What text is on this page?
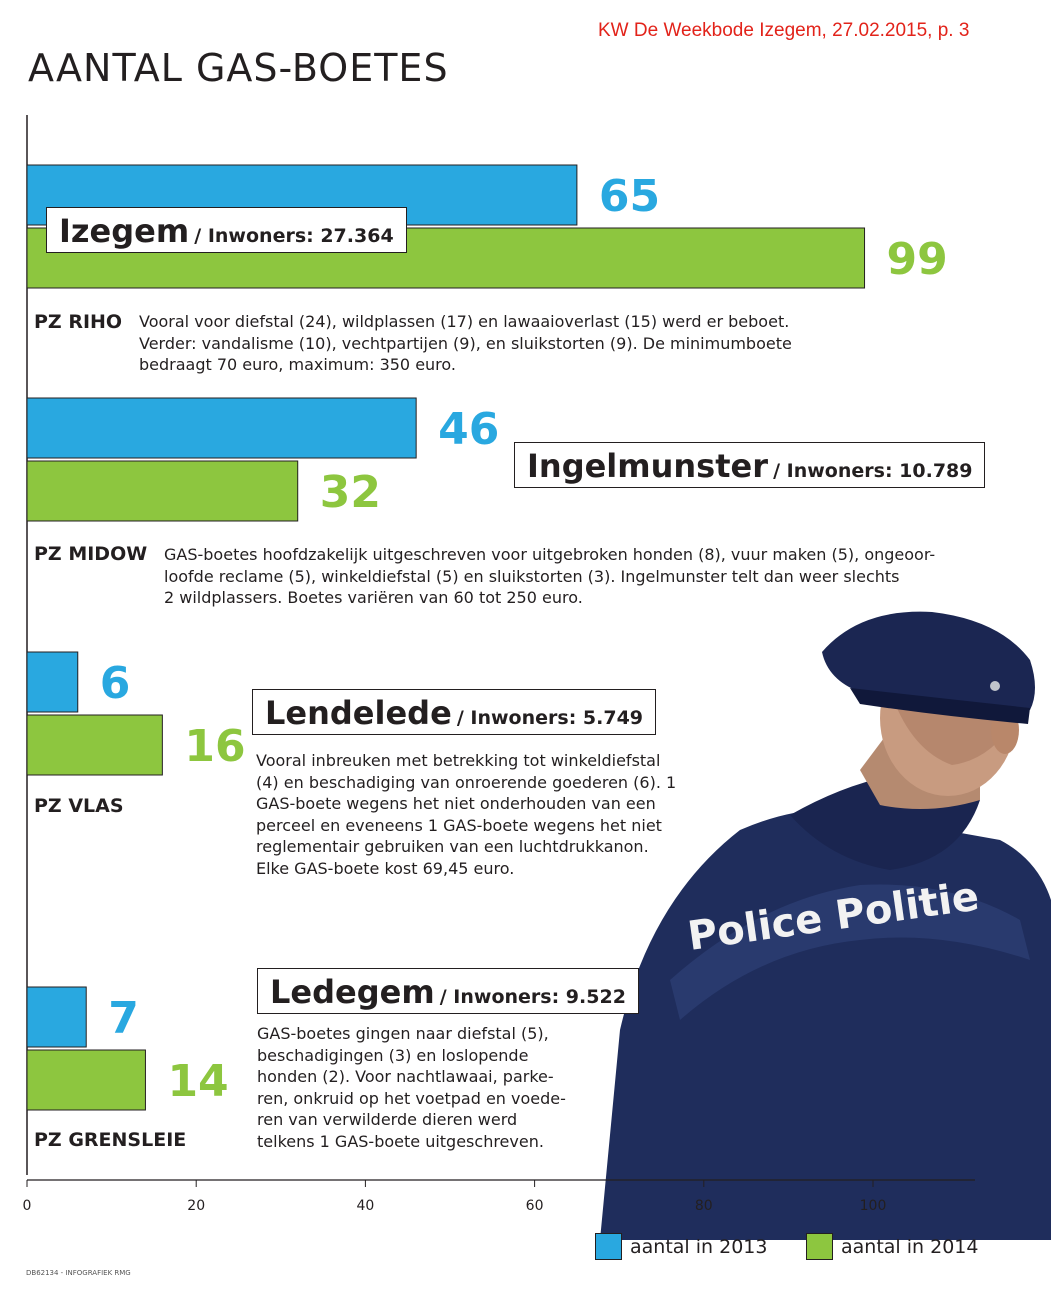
KW De Weekbode Izegem, 27.02.2015, p. 3
AANTAL GAS-BOETES
Police Politie
65
99
46
32
6
16
7
14
0	20	40	60	80	100
Izegem / Inwoners: 27.364
Ingelmunster / Inwoners: 10.789
Lendelede / Inwoners: 5.749
Ledegem / Inwoners: 9.522
PZ RIHO
PZ MIDOW
PZ VLAS
PZ GRENSLEIE
Vooral voor diefstal (24), wildplassen (17) en lawaaioverlast (15) werd er beboet.
Verder: vandalisme (10), vechtpartijen (9), en sluikstorten (9). De minimumboete
bedraagt 70 euro, maximum: 350 euro.
GAS-boetes hoofdzakelijk uitgeschreven voor uitgebroken honden (8), vuur maken (5), ongeoor-
loofde reclame (5), winkeldiefstal (5) en sluikstorten (3). Ingelmunster telt dan weer slechts
2 wildplassers. Boetes variëren van 60 tot 250 euro.
Vooral inbreuken met betrekking tot winkeldiefstal
(4) en beschadiging van onroerende goederen (6). 1
GAS-boete wegens het niet onderhouden van een
perceel en eveneens 1 GAS-boete wegens het niet
reglementair gebruiken van een luchtdrukkanon.
Elke GAS-boete kost 69,45 euro.
GAS-boetes gingen naar diefstal (5),
beschadigingen (3) en loslopende
honden (2). Voor nachtlawaai, parke-
ren, onkruid op het voetpad en voede-
ren van verwilderde dieren werd
telkens 1 GAS-boete uitgeschreven.
aantal in 2013	aantal in 2014
DB62134 - INFOGRAFIEK RMG
